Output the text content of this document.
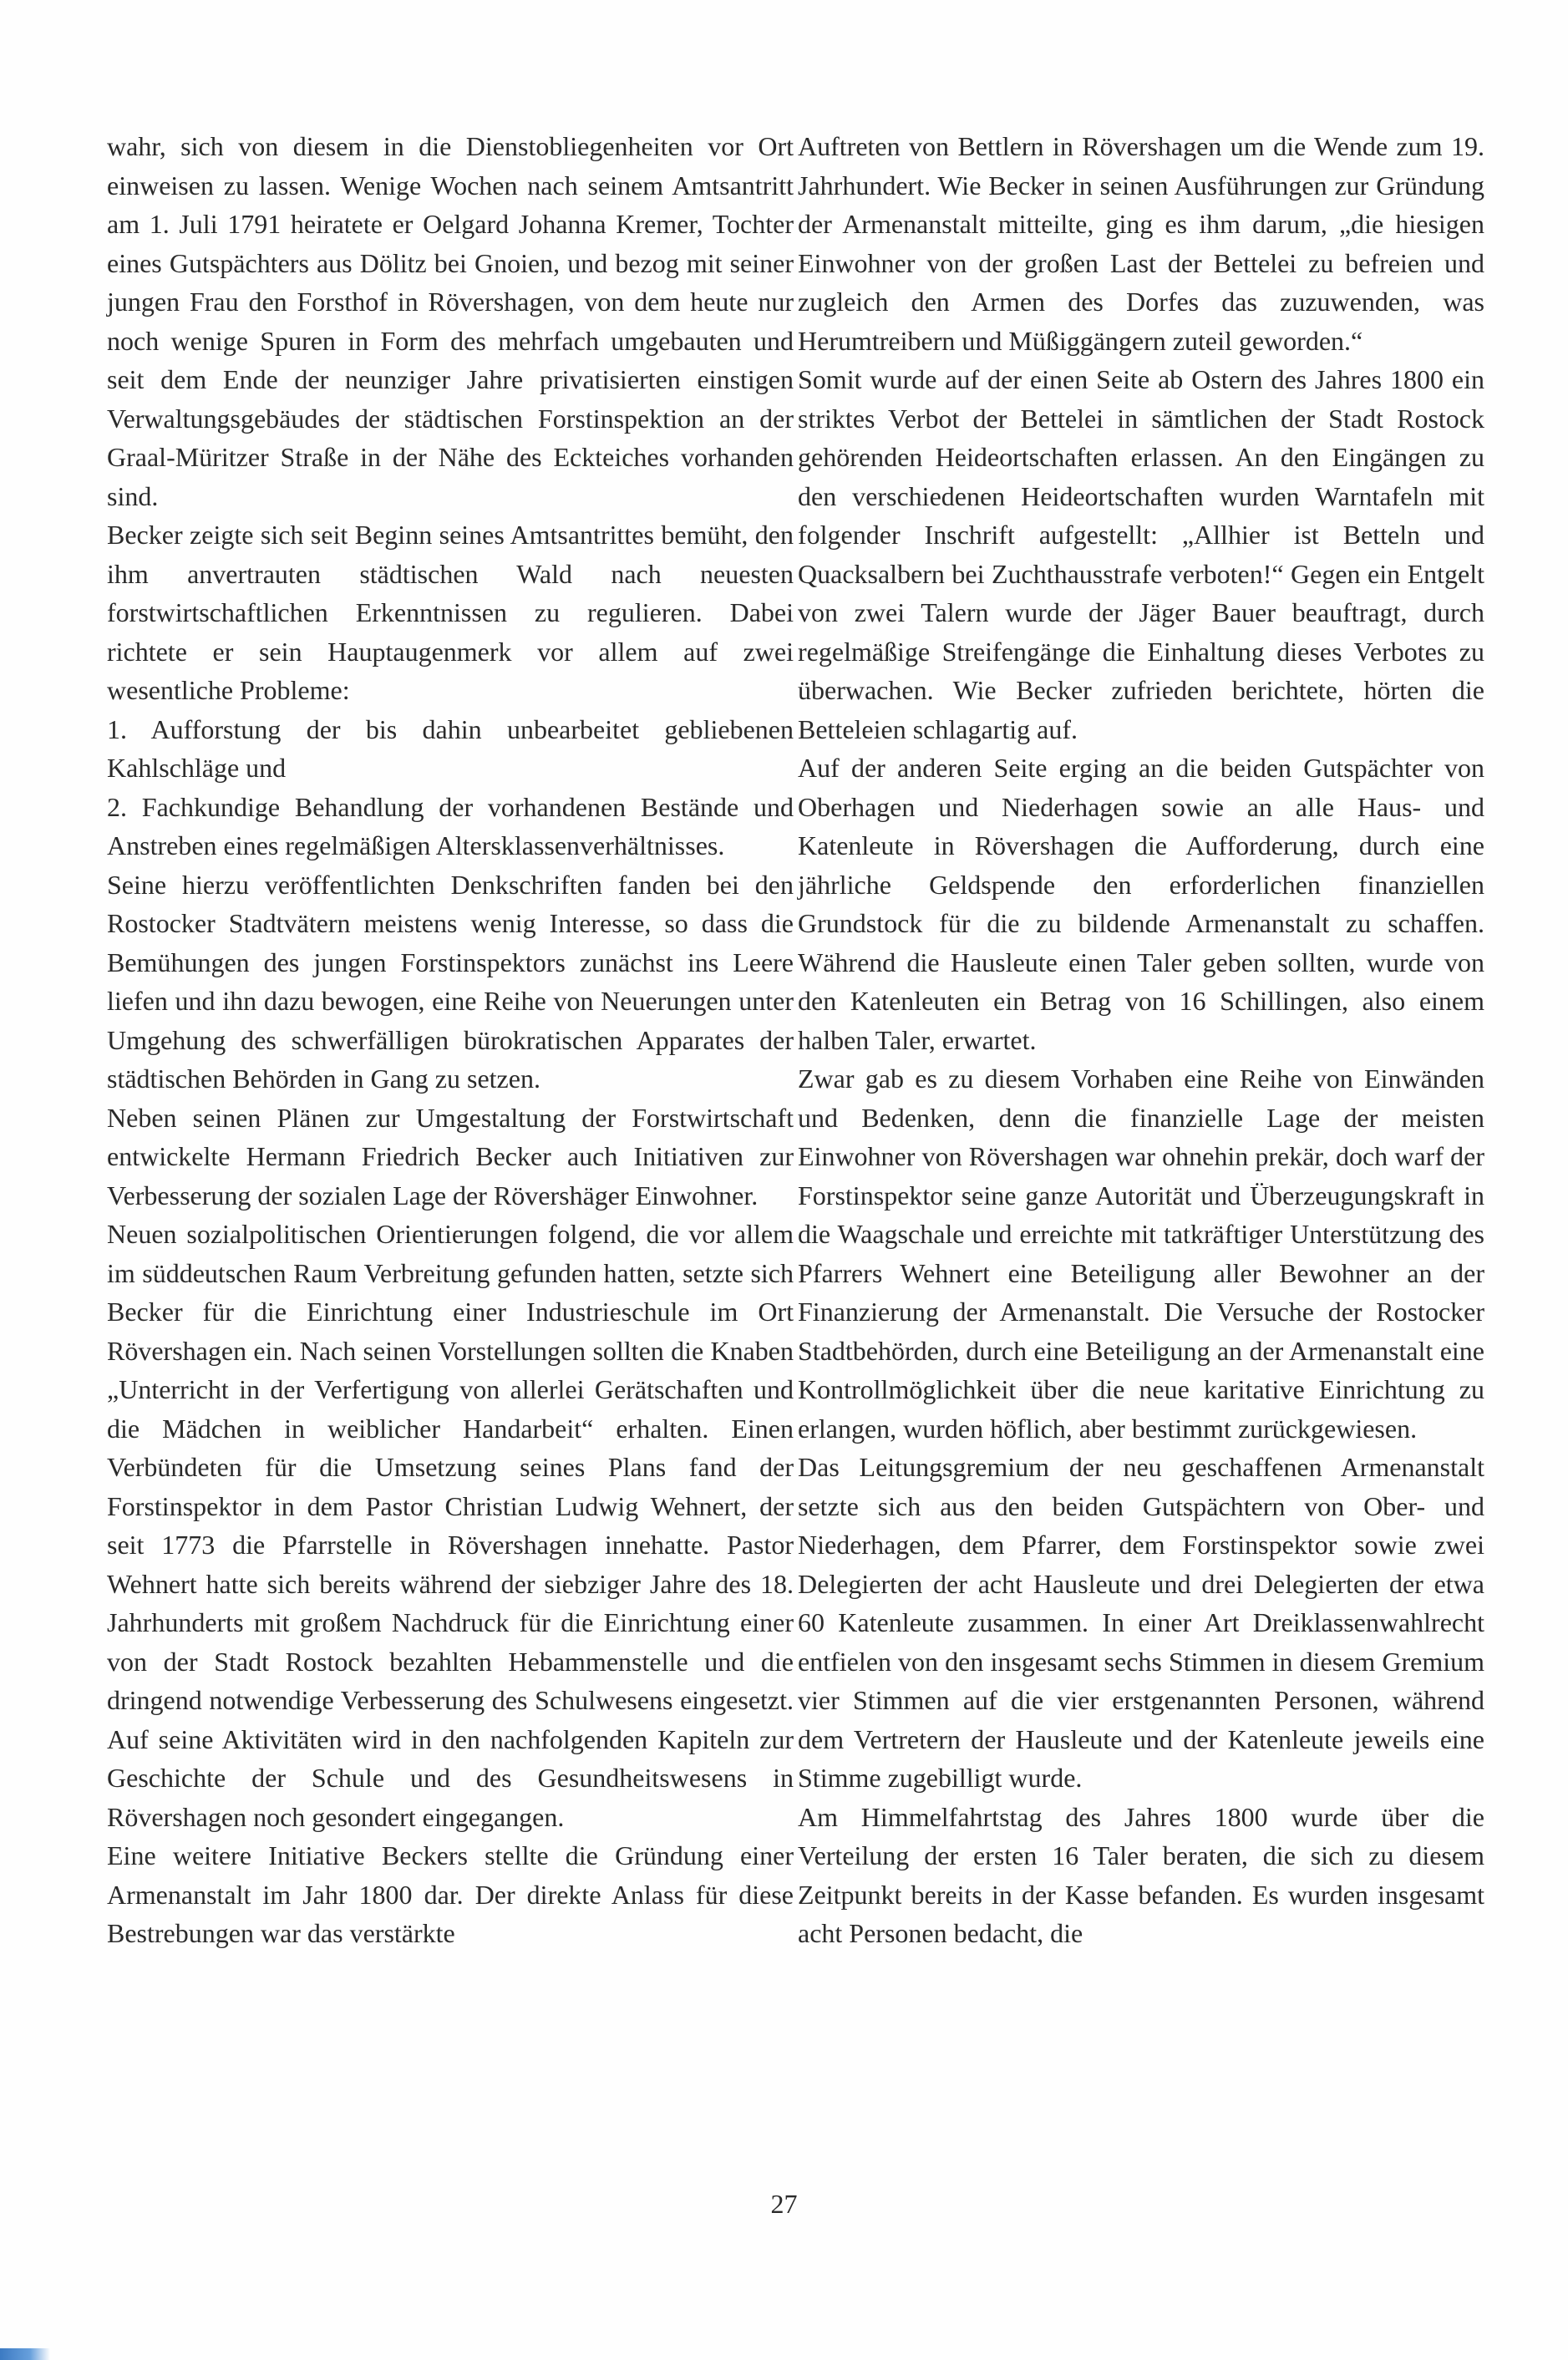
wahr, sich von diesem in die Dienstobliegenheiten vor Ort einweisen zu lassen. Wenige Wochen nach seinem Amtsantritt am 1. Juli 1791 heiratete er Oelgard Johanna Kremer, Tochter eines Gutspächters aus Dölitz bei Gnoien, und bezog mit seiner jungen Frau den Forsthof in Rövershagen, von dem heute nur noch wenige Spuren in Form des mehrfach umgebauten und seit dem Ende der neunziger Jahre privatisierten einstigen Verwaltungsgebäudes der städtischen Forstinspektion an der Graal-Müritzer Straße in der Nähe des Eckteiches vorhanden sind.

Becker zeigte sich seit Beginn seines Amtsantrittes bemüht, den ihm anvertrauten städtischen Wald nach neuesten forstwirtschaftlichen Erkenntnissen zu regulieren. Dabei richtete er sein Hauptaugenmerk vor allem auf zwei wesentliche Probleme:

1. Aufforstung der bis dahin unbearbeitet gebliebenen Kahlschläge und

2. Fachkundige Behandlung der vorhandenen Bestände und Anstreben eines regelmäßigen Altersklassenverhältnisses.

Seine hierzu veröffentlichten Denkschriften fanden bei den Rostocker Stadtvätern meistens wenig Interesse, so dass die Bemühungen des jungen Forstinspektors zunächst ins Leere liefen und ihn dazu bewogen, eine Reihe von Neuerungen unter Umgehung des schwerfälligen bürokratischen Apparates der städtischen Behörden in Gang zu setzen.

Neben seinen Plänen zur Umgestaltung der Forstwirtschaft entwickelte Hermann Friedrich Becker auch Initiativen zur Verbesserung der sozialen Lage der Rövershäger Einwohner.

Neuen sozialpolitischen Orientierungen folgend, die vor allem im süddeutschen Raum Verbreitung gefunden hatten, setzte sich Becker für die Einrichtung einer Industrieschule im Ort Rövershagen ein. Nach seinen Vorstellungen sollten die Knaben „Unterricht in der Verfertigung von allerlei Gerätschaften und die Mädchen in weiblicher Handarbeit“ erhalten. Einen Verbündeten für die Umsetzung seines Plans fand der Forstinspektor in dem Pastor Christian Ludwig Wehnert, der seit 1773 die Pfarrstelle in Rövershagen innehatte. Pastor Wehnert hatte sich bereits während der siebziger Jahre des 18. Jahrhunderts mit großem Nachdruck für die Einrichtung einer von der Stadt Rostock bezahlten Hebammenstelle und die dringend notwendige Verbesserung des Schulwesens eingesetzt. Auf seine Aktivitäten wird in den nachfolgenden Kapiteln zur Geschichte der Schule und des Gesundheitswesens in Rövershagen noch gesondert eingegangen.

Eine weitere Initiative Beckers stellte die Gründung einer Armenanstalt im Jahr 1800 dar. Der direkte Anlass für diese Bestrebungen war das verstärkte

Auftreten von Bettlern in Rövershagen um die Wende zum 19. Jahrhundert. Wie Becker in seinen Ausführungen zur Gründung der Armenanstalt mitteilte, ging es ihm darum, „die hiesigen Einwohner von der großen Last der Bettelei zu befreien und zugleich den Armen des Dorfes das zuzuwenden, was Herumtreibern und Müßiggängern zuteil geworden.“

Somit wurde auf der einen Seite ab Ostern des Jahres 1800 ein striktes Verbot der Bettelei in sämtlichen der Stadt Rostock gehörenden Heideortschaften erlassen. An den Eingängen zu den verschiedenen Heideortschaften wurden Warntafeln mit folgender Inschrift aufgestellt: „Allhier ist Betteln und Quacksalbern bei Zuchthausstrafe verboten!“ Gegen ein Entgelt von zwei Talern wurde der Jäger Bauer beauftragt, durch regelmäßige Streifengänge die Einhaltung dieses Verbotes zu überwachen. Wie Becker zufrieden berichtete, hörten die Betteleien schlagartig auf.

Auf der anderen Seite erging an die beiden Gutspächter von Oberhagen und Niederhagen sowie an alle Haus- und Katenleute in Rövershagen die Aufforderung, durch eine jährliche Geldspende den erforderlichen finanziellen Grundstock für die zu bildende Armenanstalt zu schaffen. Während die Hausleute einen Taler geben sollten, wurde von den Katenleuten ein Betrag von 16 Schillingen, also einem halben Taler, erwartet.

Zwar gab es zu diesem Vorhaben eine Reihe von Einwänden und Bedenken, denn die finanzielle Lage der meisten Einwohner von Rövershagen war ohnehin prekär, doch warf der Forstinspektor seine ganze Autorität und Überzeugungskraft in die Waagschale und erreichte mit tatkräftiger Unterstützung des Pfarrers Wehnert eine Beteiligung aller Bewohner an der Finanzierung der Armenanstalt. Die Versuche der Rostocker Stadtbehörden, durch eine Beteiligung an der Armenanstalt eine Kontrollmöglichkeit über die neue karitative Einrichtung zu erlangen, wurden höflich, aber bestimmt zurückgewiesen.

Das Leitungsgremium der neu geschaffenen Armenanstalt setzte sich aus den beiden Gutspächtern von Ober- und Niederhagen, dem Pfarrer, dem Forstinspektor sowie zwei Delegierten der acht Hausleute und drei Delegierten der etwa 60 Katenleute zusammen. In einer Art Dreiklassenwahlrecht entfielen von den insgesamt sechs Stimmen in diesem Gremium vier Stimmen auf die vier erstgenannten Personen, während dem Vertretern der Hausleute und der Katenleute jeweils eine Stimme zugebilligt wurde.

Am Himmelfahrtstag des Jahres 1800 wurde über die Verteilung der ersten 16 Taler beraten, die sich zu diesem Zeitpunkt bereits in der Kasse befanden. Es wurden insgesamt acht Personen bedacht, die

27
